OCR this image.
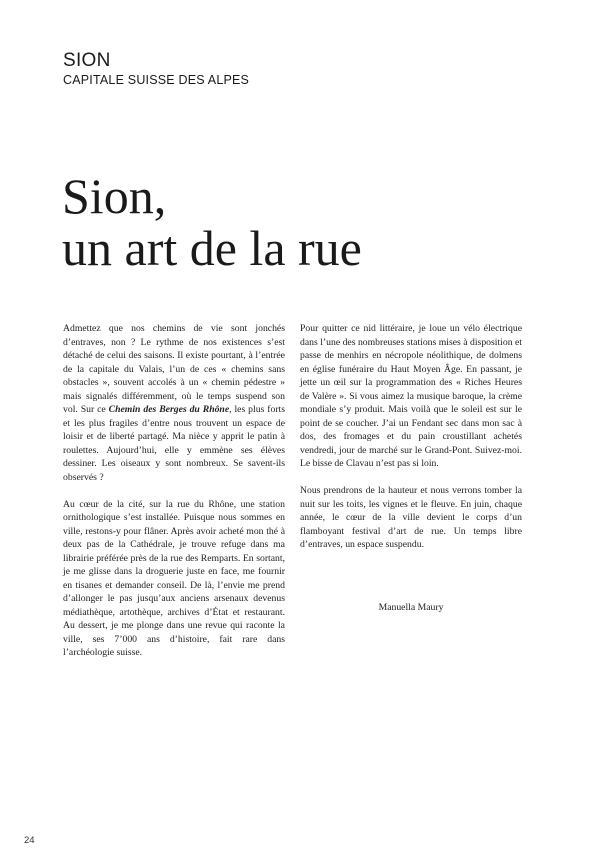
SION
CAPITALE SUISSE DES ALPES
Sion,
un art de la rue

Admettez que nos chemins de vie sont jonchés d’entraves, non ? Le rythme de nos existences s’est détaché de celui des saisons. Il existe pourtant, à l’entrée de la capitale du Valais, l’un de ces « chemins sans obstacles », souvent accolés à un « chemin pédestre » mais signalés différemment, où le temps suspend son vol. Sur ce Chemin des Berges du Rhône, les plus forts et les plus fragiles d’entre nous trouvent un espace de loisir et de liberté partagé. Ma nièce y apprit le patin à roulettes. Aujourd’hui, elle y emmène ses élèves dessiner. Les oiseaux y sont nombreux. Se savent-ils observés ?

Au cœur de la cité, sur la rue du Rhône, une station ornithologique s’est installée. Puisque nous sommes en ville, restons-y pour flâner. Après avoir acheté mon thé à deux pas de la Cathédrale, je trouve refuge dans ma librairie préférée près de la rue des Remparts. En sortant, je me glisse dans la droguerie juste en face, me fournir en tisanes et demander conseil. De là, l’envie me prend d’allonger le pas jusqu’aux anciens arsenaux devenus médiathèque, artothèque, archives d’État et restaurant. Au dessert, je me plonge dans une revue qui raconte la ville, ses 7’000 ans d’histoire, fait rare dans l’archéologie suisse.

Pour quitter ce nid littéraire, je loue un vélo électrique dans l’une des nombreuses stations mises à disposition et passe de menhirs en nécropole néolithique, de dolmens en église funéraire du Haut Moyen Âge. En passant, je jette un œil sur la programmation des « Riches Heures de Valère ». Si vous aimez la musique baroque, la crème mondiale s’y produit. Mais voilà que le soleil est sur le point de se coucher. J’ai un Fendant sec dans mon sac à dos, des fromages et du pain croustillant achetés vendredi, jour de marché sur le Grand-Pont. Suivez-moi. Le bisse de Clavau n’est pas si loin.

Nous prendrons de la hauteur et nous verrons tomber la nuit sur les toits, les vignes et le fleuve. En juin, chaque année, le cœur de la ville devient le corps d’un flamboyant festival d’art de rue. Un temps libre d’entraves, un espace suspendu.

Manuella Maury
24
